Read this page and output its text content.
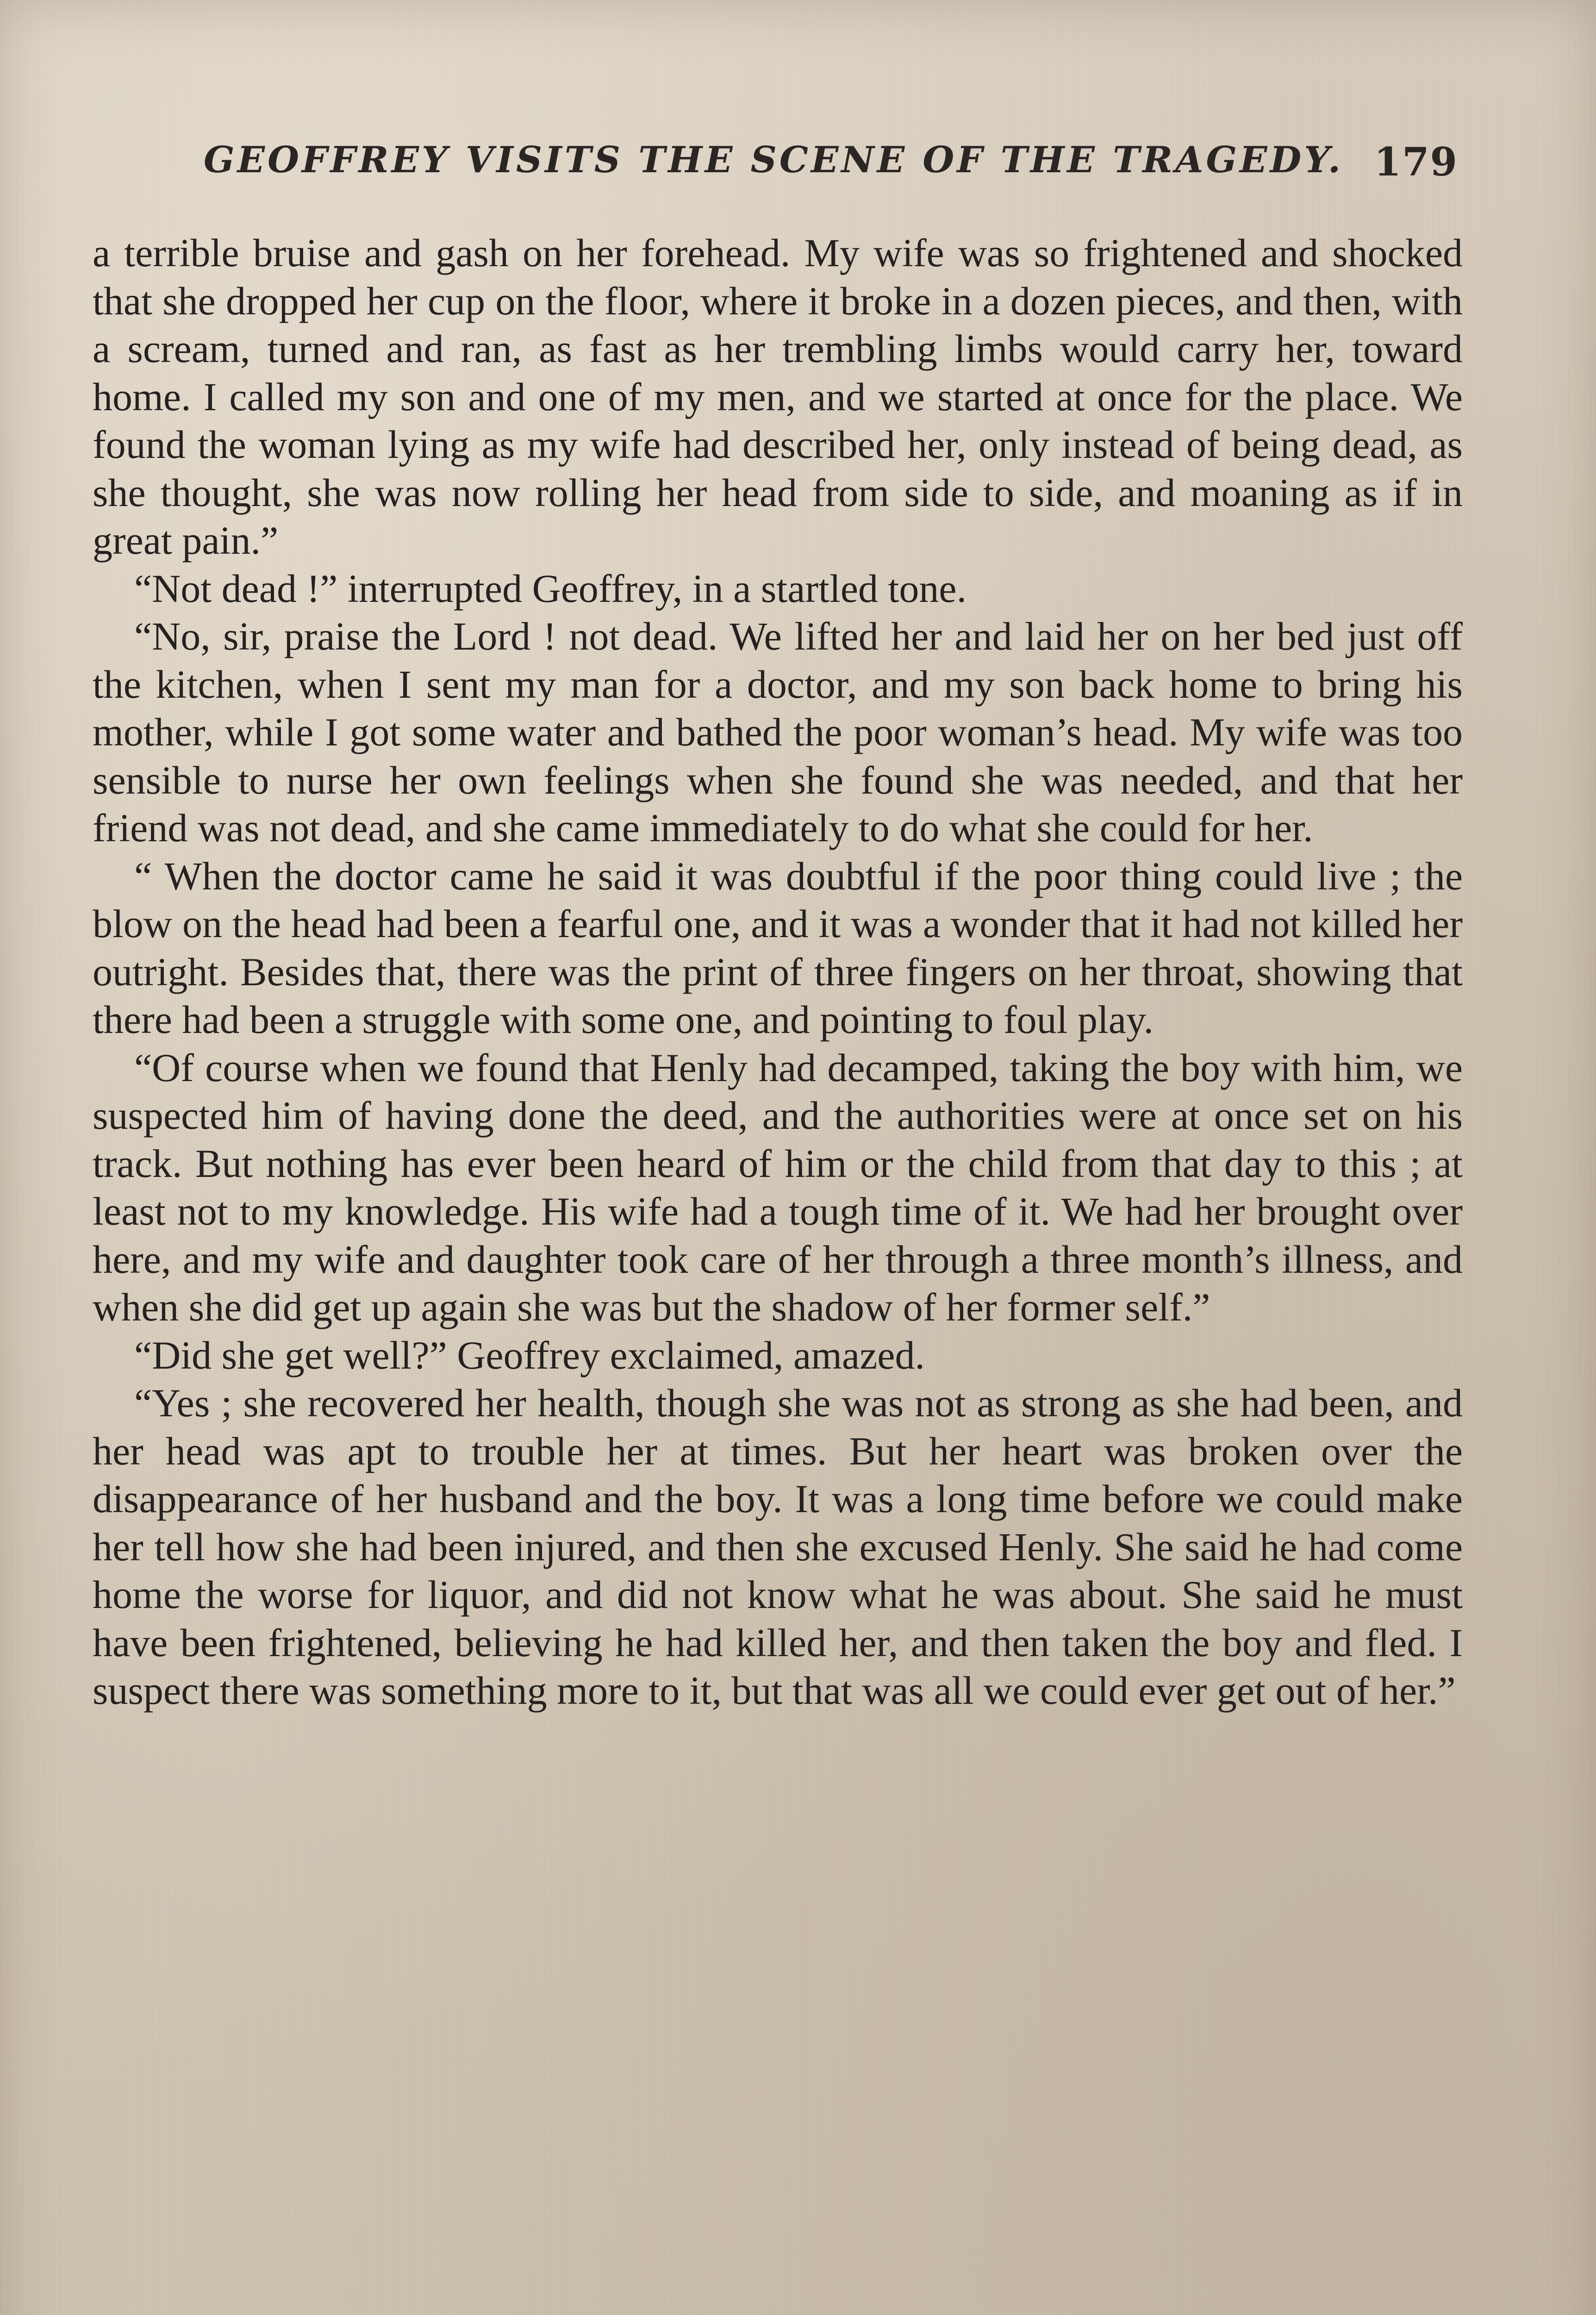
GEOFFREY VISITS THE SCENE OF THE TRAGEDY. 179

a terrible bruise and gash on her forehead. My wife was so frightened and shocked that she dropped her cup on the floor, where it broke in a dozen pieces, and then, with a scream, turned and ran, as fast as her trembling limbs would carry her, toward home. I called my son and one of my men, and we started at once for the place. We found the woman lying as my wife had described her, only instead of being dead, as she thought, she was now rolling her head from side to side, and moaning as if in great pain.”

“Not dead !” interrupted Geoffrey, in a startled tone.

“No, sir, praise the Lord ! not dead. We lifted her and laid her on her bed just off the kitchen, when I sent my man for a doctor, and my son back home to bring his mother, while I got some water and bathed the poor woman’s head. My wife was too sensible to nurse her own feelings when she found she was needed, and that her friend was not dead, and she came immediately to do what she could for her.

“ When the doctor came he said it was doubtful if the poor thing could live ; the blow on the head had been a fearful one, and it was a wonder that it had not killed her outright. Besides that, there was the print of three fingers on her throat, showing that there had been a struggle with some one, and pointing to foul play.

“Of course when we found that Henly had decamped, taking the boy with him, we suspected him of having done the deed, and the authorities were at once set on his track. But nothing has ever been heard of him or the child from that day to this ; at least not to my knowledge. His wife had a tough time of it. We had her brought over here, and my wife and daughter took care of her through a three month’s illness, and when she did get up again she was but the shadow of her former self.”

“Did she get well?” Geoffrey exclaimed, amazed.

“Yes ; she recovered her health, though she was not as strong as she had been, and her head was apt to trouble her at times. But her heart was broken over the disappearance of her husband and the boy. It was a long time before we could make her tell how she had been injured, and then she excused Henly. She said he had come home the worse for liquor, and did not know what he was about. She said he must have been frightened, believing he had killed her, and then taken the boy and fled. I suspect there was something more to it, but that was all we could ever get out of her.”
